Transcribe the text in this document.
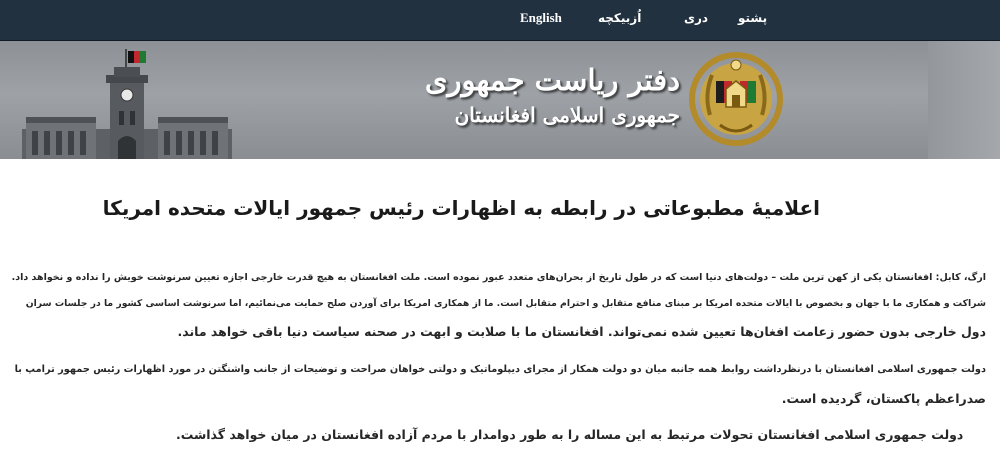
پشتو
دری
اُزبیکچه
English
دفتر ریاست جمهوری
جمهوری اسلامی افغانستان
اعلامیۀ مطبوعاتی در رابطه به اظهارات رئیس جمهور ایالات متحده امریکا
ارگ، کابل: افغانستان یکی از کهن ترین ملت – دولت‌های دنیا است که در طول تاریخ از بحران‌های متعدد عبور نموده است. ملت افغانستان به هیچ قدرت خارجی اجازه تعیین سرنوشت خویش را نداده و نخواهد داد.
شراکت و همکاری ما با جهان و بخصوص با ایالات متحده امریکا بر مبنای منافع متقابل و احترام متقابل است. ما از همکاری امریکا برای آوردن صلح حمایت می‌نمائیم، اما سرنوشت اساسی کشور ما در جلسات سران
دول خارجی بدون حضور زعامت افغان‌ها تعیین شده نمی‌تواند. افغانستان ما با صلابت و ابهت در صحنه سیاست دنیا باقی خواهد ماند.
دولت جمهوری اسلامی افغانستان با درنظرداشت روابط همه جانبه میان دو دولت همکار از مجرای دیپلوماتیک و دولتی خواهان صراحت و توضیحات از جانب واشنگتن در مورد اظهارات رئیس جمهور ترامپ با
صدراعظم پاکستان، گردیده است.
دولت جمهوری اسلامی افغانستان تحولات مرتبط به این مساله را به طور دوامدار با مردم آزاده افغانستان در میان خواهد گذاشت.
